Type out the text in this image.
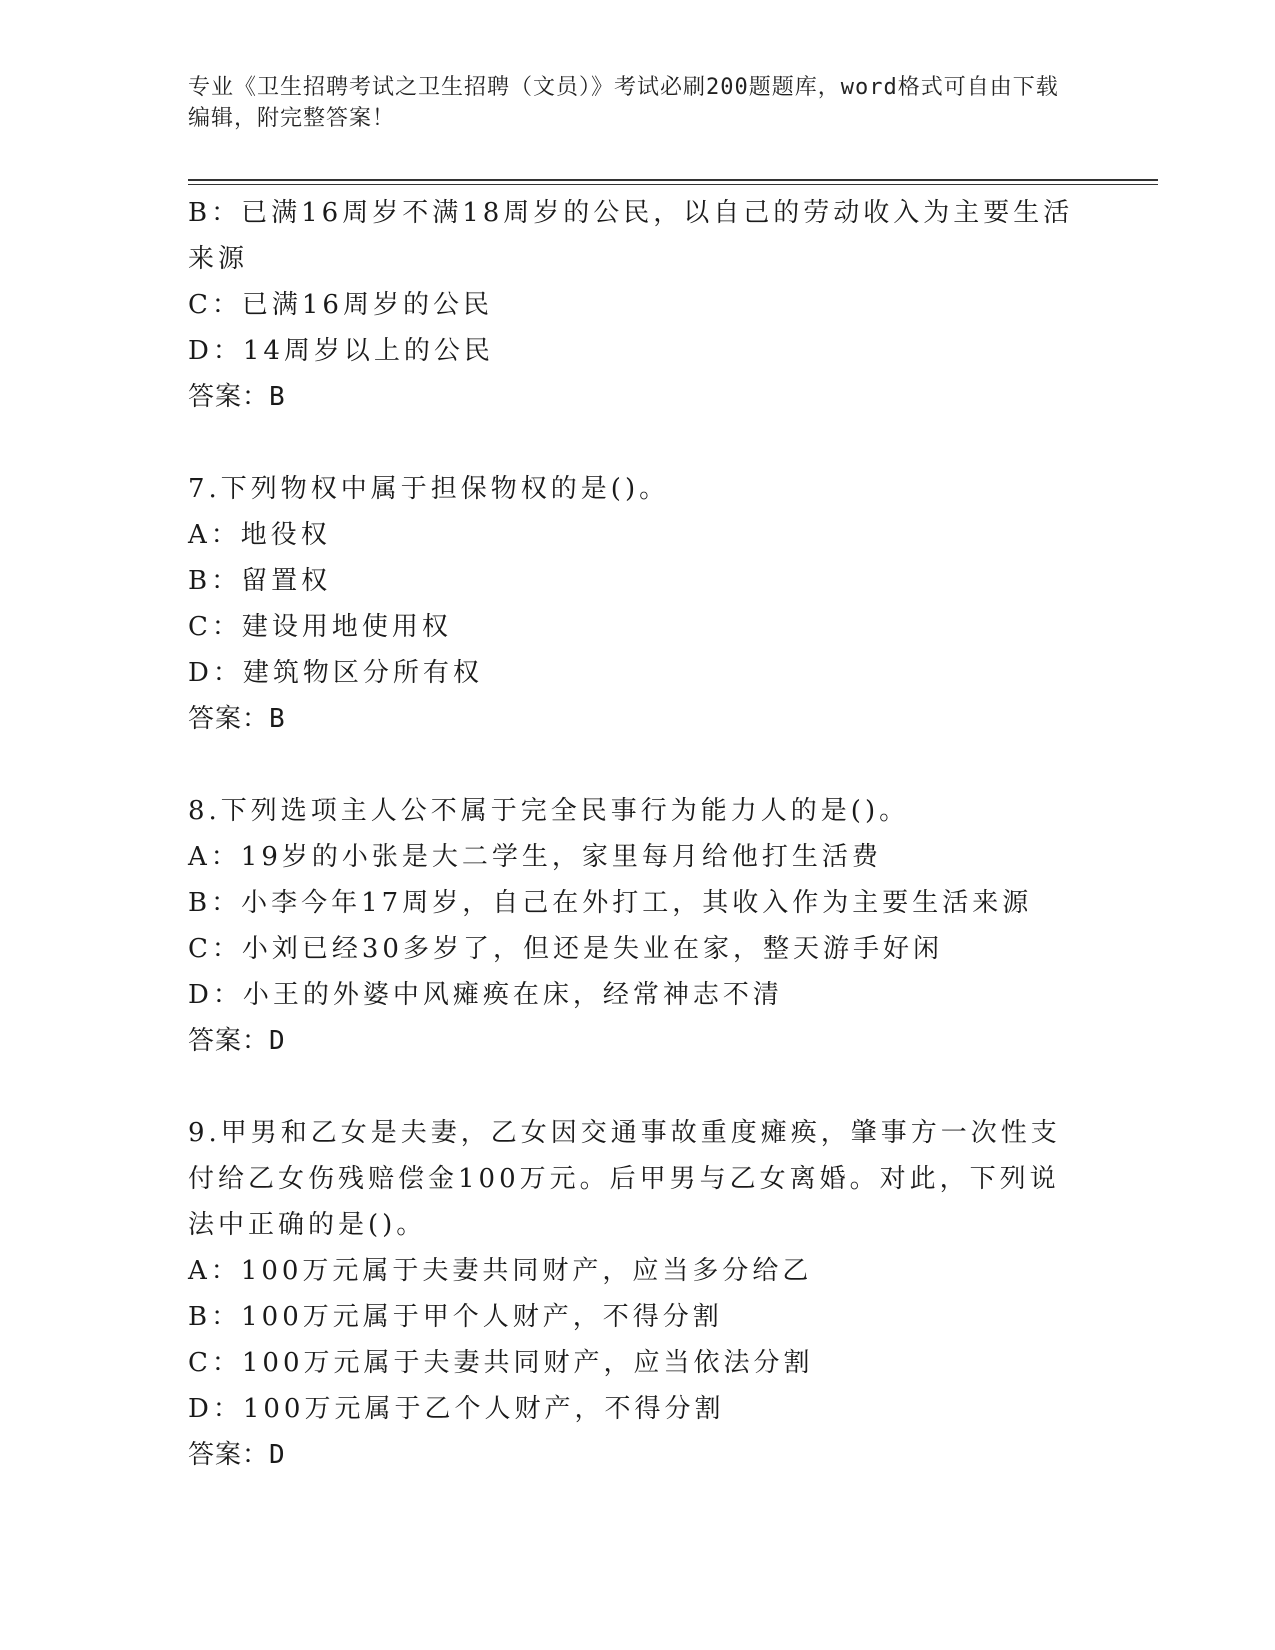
专业《卫生招聘考试之卫生招聘（文员）》考试必刷200题题库，word格式可自由下载编辑，附完整答案！

B：已满16周岁不满18周岁的公民，以自己的劳动收入为主要生活来源

C：已满16周岁的公民

D：14周岁以上的公民

答案：B

7.下列物权中属于担保物权的是()。

A：地役权

B：留置权

C：建设用地使用权

D：建筑物区分所有权

答案：B

8.下列选项主人公不属于完全民事行为能力人的是()。

A：19岁的小张是大二学生，家里每月给他打生活费

B：小李今年17周岁，自己在外打工，其收入作为主要生活来源

C：小刘已经30多岁了，但还是失业在家，整天游手好闲

D：小王的外婆中风瘫痪在床，经常神志不清

答案：D

9.甲男和乙女是夫妻，乙女因交通事故重度瘫痪，肇事方一次性支付给乙女伤残赔偿金100万元。后甲男与乙女离婚。对此，下列说法中正确的是()。

A：100万元属于夫妻共同财产，应当多分给乙

B：100万元属于甲个人财产，不得分割

C：100万元属于夫妻共同财产，应当依法分割

D：100万元属于乙个人财产，不得分割

答案：D
